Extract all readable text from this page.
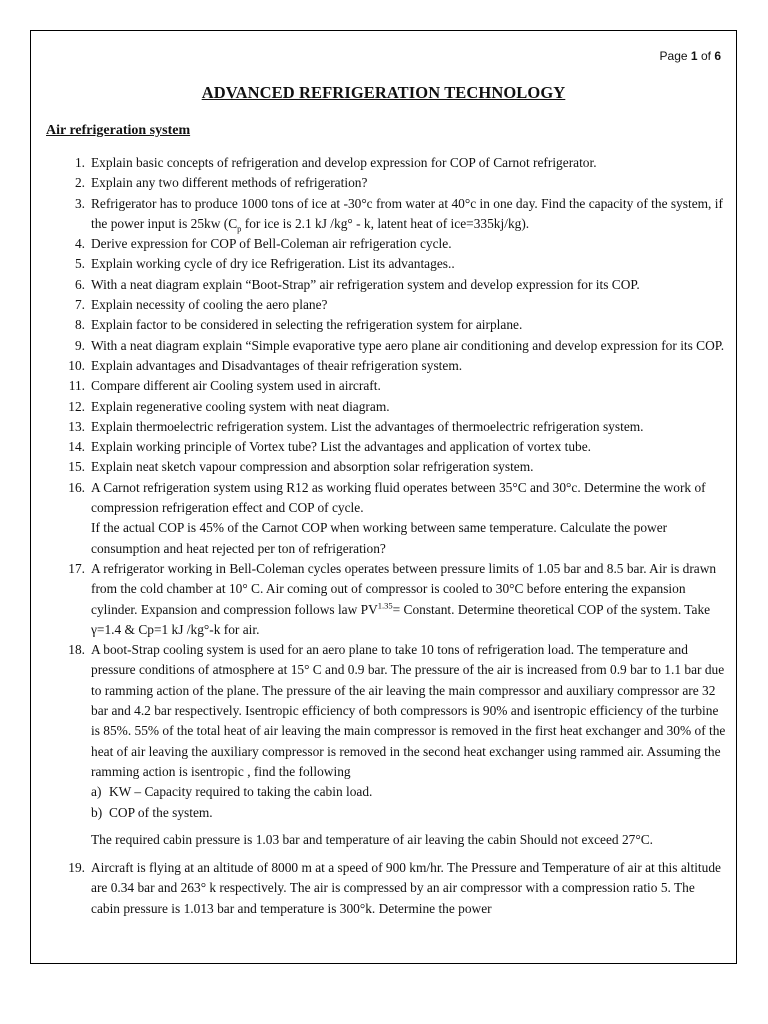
Page 1 of 6
ADVANCED REFRIGERATION TECHNOLOGY
Air refrigeration system
1. Explain basic concepts of refrigeration and develop expression for COP of Carnot refrigerator.
2. Explain any two different methods of refrigeration?
3. Refrigerator has to produce 1000 tons of ice at -30°c from water at 40°c in one day. Find the capacity of the system, if the power input is 25kw ($C_p$ for ice is 2.1 kJ /kg° - k, latent heat of ice=335kj/kg).
4. Derive expression for COP of Bell-Coleman air refrigeration cycle.
5. Explain working cycle of dry ice Refrigeration. List its advantages..
6. With a neat diagram explain “Boot-Strap” air refrigeration system and develop expression for its COP.
7. Explain necessity of cooling the aero plane?
8. Explain factor to be considered in selecting the refrigeration system for airplane.
9. With a neat diagram explain “Simple evaporative type aero plane air conditioning and develop expression for its COP.
10. Explain advantages and Disadvantages of theair refrigeration system.
11. Compare different air Cooling system used in aircraft.
12. Explain regenerative cooling system with neat diagram.
13. Explain thermoelectric refrigeration system. List the advantages of thermoelectric refrigeration system.
14. Explain working principle of Vortex tube? List the advantages and application of vortex tube.
15. Explain neat sketch vapour compression and absorption solar refrigeration system.
16. A Carnot refrigeration system using R12 as working fluid operates between 35°C and 30°c. Determine the work of compression refrigeration effect and COP of cycle.
If the actual COP is 45% of the Carnot COP when working between same temperature. Calculate the power consumption and heat rejected per ton of refrigeration?
17. A refrigerator working in Bell-Coleman cycles operates between pressure limits of 1.05 bar and 8.5 bar. Air is drawn from the cold chamber at 10° C. Air coming out of compressor is cooled to 30°C before entering the expansion cylinder. Expansion and compression follows law $PV^{1.35}=$ Constant. Determine theoretical COP of the system. Take γ=1.4 & Cp=1 kJ /kg°-k for air.
18. A boot-Strap cooling system is used for an aero plane to take 10 tons of refrigeration load. The temperature and pressure conditions of atmosphere at 15° C and 0.9 bar. The pressure of the air is increased from 0.9 bar to 1.1 bar due to ramming action of the plane. The pressure of the air leaving the main compressor and auxiliary compressor are 32 bar and 4.2 bar respectively. Isentropic efficiency of both compressors is 90% and isentropic efficiency of the turbine is 85%. 55% of the total heat of air leaving the main compressor is removed in the first heat exchanger and 30% of the heat of air leaving the auxiliary compressor is removed in the second heat exchanger using rammed air. Assuming the ramming action is isentropic , find the following
a) KW – Capacity required to taking the cabin load.
b) COP of the system.
The required cabin pressure is 1.03 bar and temperature of air leaving the cabin Should not exceed 27°C.
19. Aircraft is flying at an altitude of 8000 m at a speed of 900 km/hr. The Pressure and Temperature of air at this altitude are 0.34 bar and 263° k respectively. The air is compressed by an air compressor with a compression ratio 5. The cabin pressure is 1.013 bar and temperature is 300°k. Determine the power
